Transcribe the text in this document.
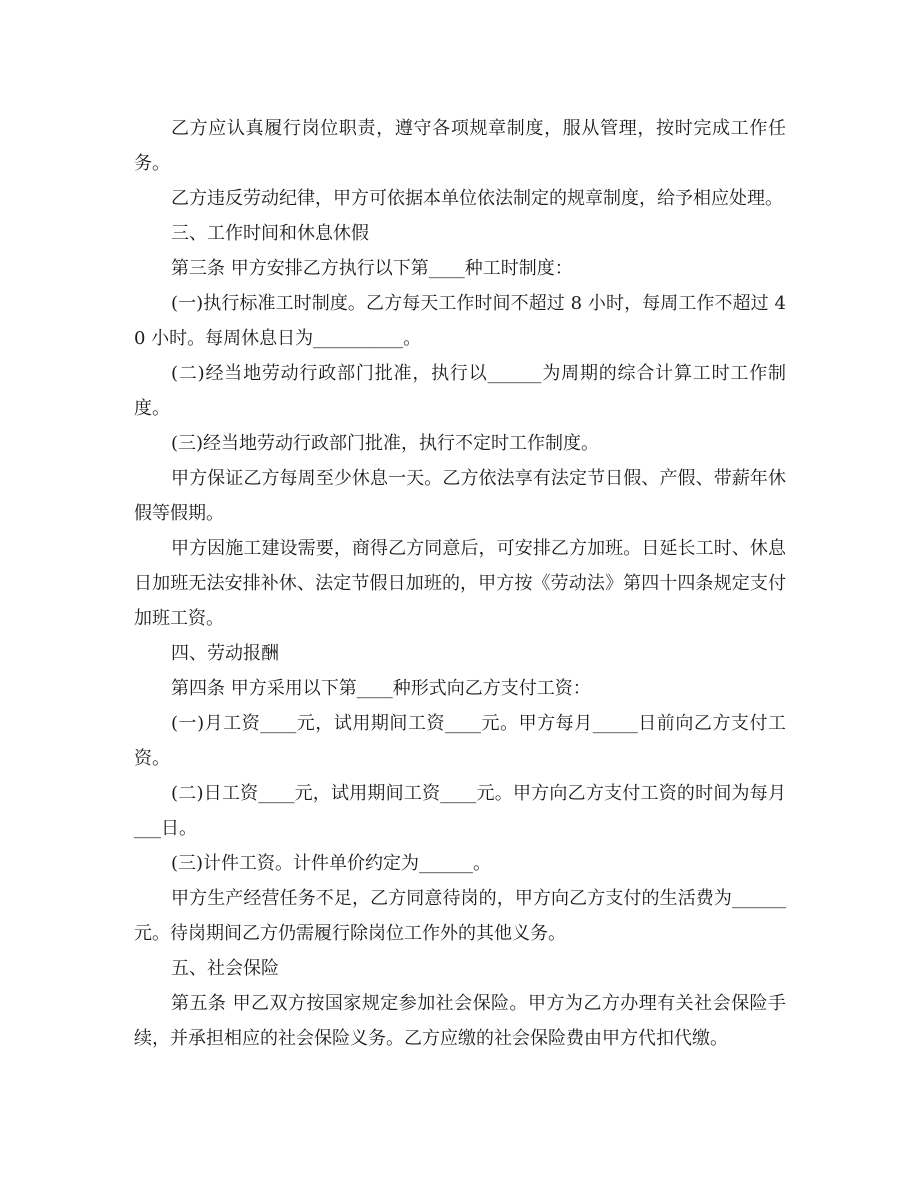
乙方应认真履行岗位职责，遵守各项规章制度，服从管理，按时完成工作任务。

乙方违反劳动纪律，甲方可依据本单位依法制定的规章制度，给予相应处理。

三、工作时间和休息休假

第三条 甲方安排乙方执行以下第____种工时制度：

(一)执行标准工时制度。乙方每天工作时间不超过 8 小时，每周工作不超过 40 小时。每周休息日为__________。

(二)经当地劳动行政部门批准，执行以______为周期的综合计算工时工作制度。

(三)经当地劳动行政部门批准，执行不定时工作制度。

甲方保证乙方每周至少休息一天。乙方依法享有法定节日假、产假、带薪年休假等假期。

甲方因施工建设需要，商得乙方同意后，可安排乙方加班。日延长工时、休息日加班无法安排补休、法定节假日加班的，甲方按《劳动法》第四十四条规定支付加班工资。

四、劳动报酬

第四条 甲方采用以下第____种形式向乙方支付工资：

(一)月工资____元，试用期间工资____元。甲方每月_____日前向乙方支付工资。

(二)日工资____元，试用期间工资____元。甲方向乙方支付工资的时间为每月___日。

(三)计件工资。计件单价约定为______。

甲方生产经营任务不足，乙方同意待岗的，甲方向乙方支付的生活费为______元。待岗期间乙方仍需履行除岗位工作外的其他义务。

五、社会保险

第五条 甲乙双方按国家规定参加社会保险。甲方为乙方办理有关社会保险手续，并承担相应的社会保险义务。乙方应缴的社会保险费由甲方代扣代缴。
